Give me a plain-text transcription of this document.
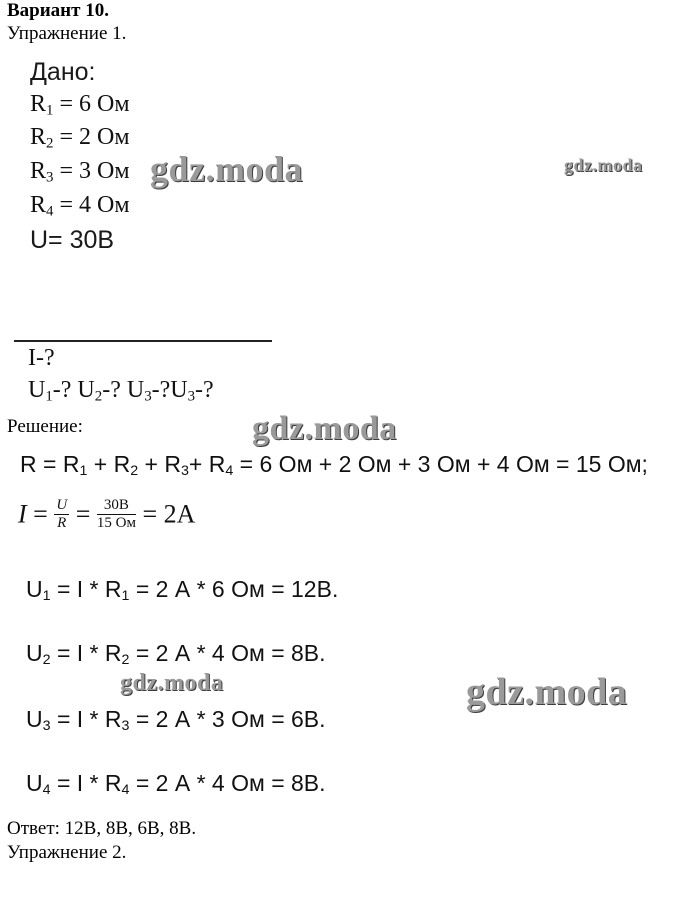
Вариант 10.
Упражнение 1.
Дано:
$R_1 = 6$ Ом
$R_2 = 2$ Ом
$R_3 = 3$ Ом
$R_4 = 4$ Ом
U= 30В
I-?
$U_1-$? $U_2-$? $U_3-?U_3-$?
Решение:
$R = R_1 + R_2 + R_3+ R_4 = 6$ Ом + 2 Ом + 3 Ом + 4 Ом = 15 Ом;
$I = \frac{U}{R} = \frac{30В}{15 Ом} = 2А$
$U_1 = I * R_1 = 2$ А * 6 Ом = 12В.
$U_2 = I * R_2 = 2$ А * 4 Ом = 8В.
$U_3 = I * R_3 = 2$ А * 3 Ом = 6В.
$U_4 = I * R_4 = 2$ А * 4 Ом = 8В.
Ответ: 12В, 8В, 6В, 8В.
Упражнение 2.
gdz.moda	gdz.moda
gdz.moda
gdz.moda	gdz.moda
